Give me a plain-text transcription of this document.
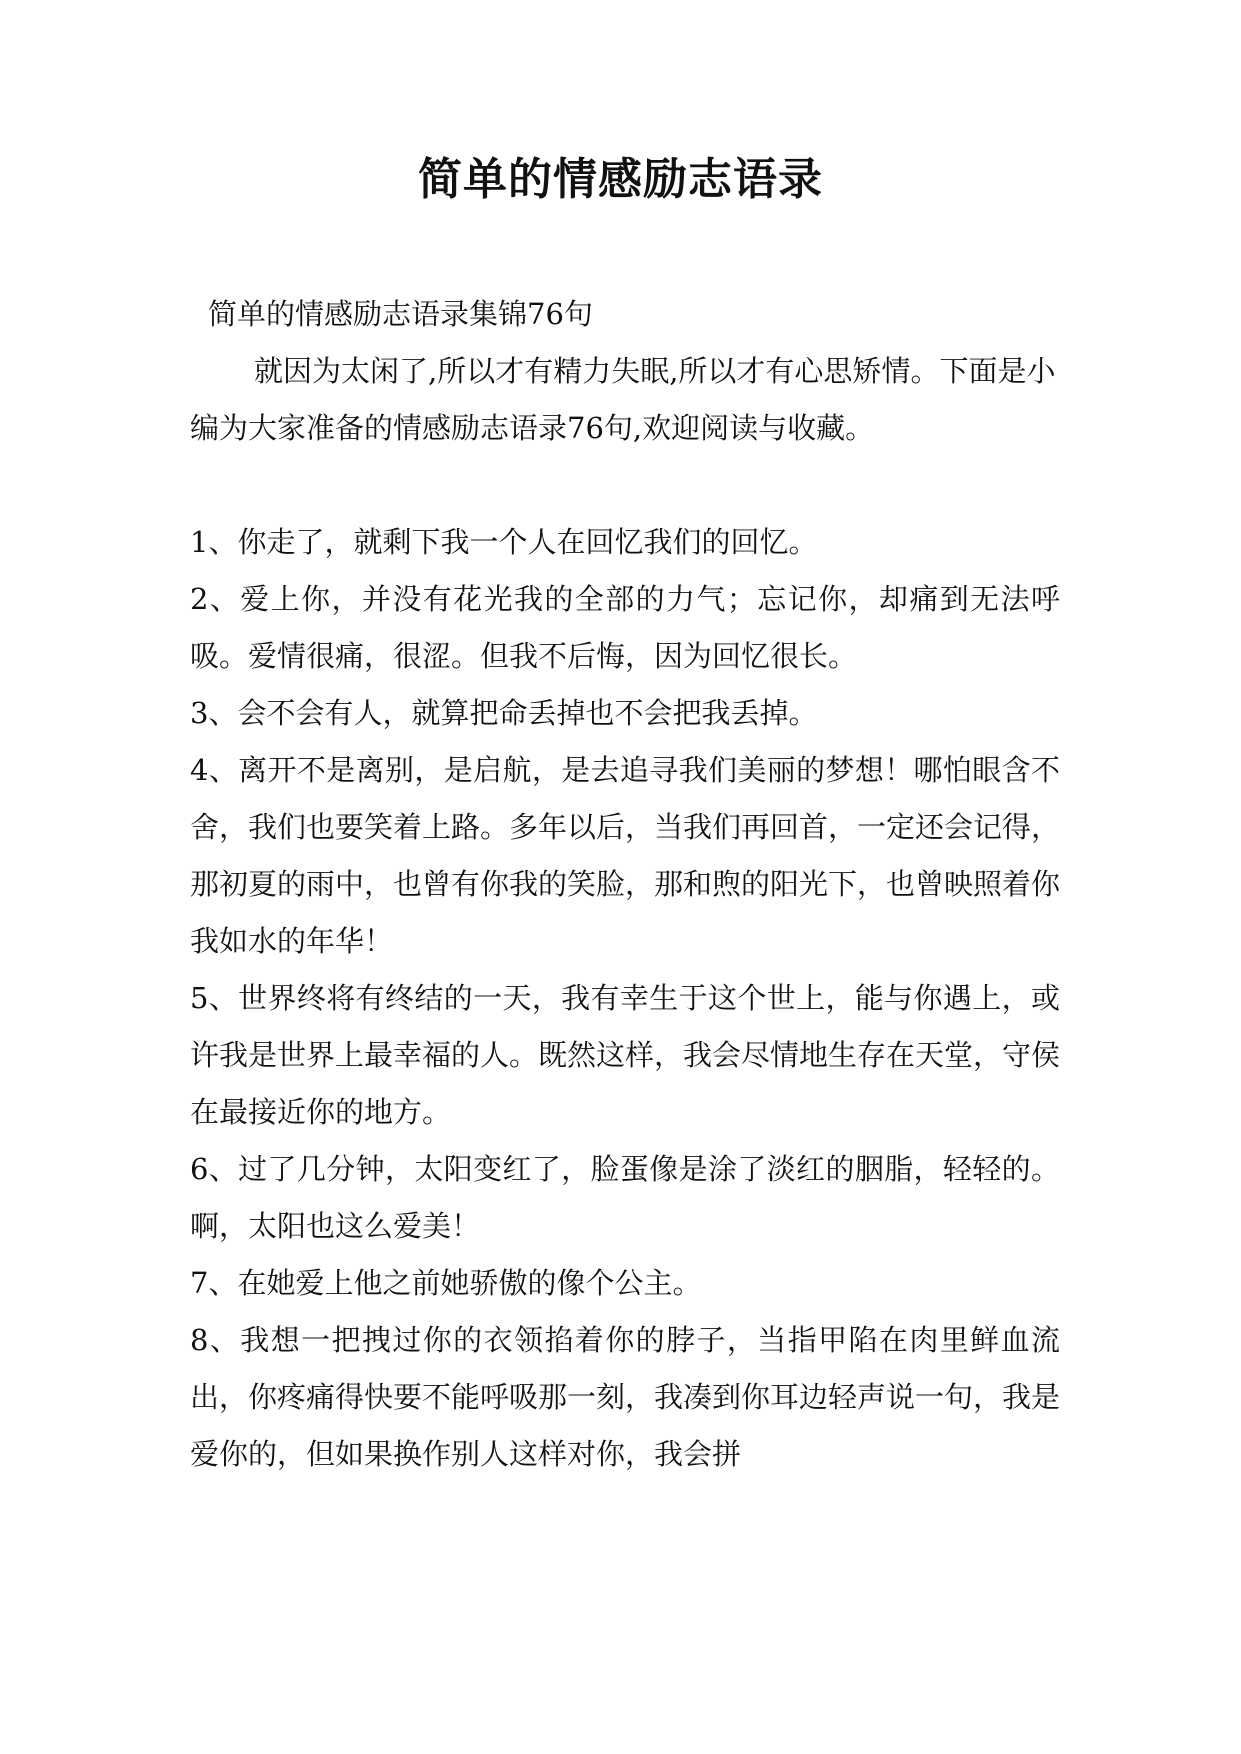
简单的情感励志语录

简单的情感励志语录集锦76句

就因为太闲了,所以才有精力失眠,所以才有心思矫情。下面是小编为大家准备的情感励志语录76句,欢迎阅读与收藏。

1、你走了，就剩下我一个人在回忆我们的回忆。

2、爱上你，并没有花光我的全部的力气；忘记你，却痛到无法呼吸。爱情很痛，很涩。但我不后悔，因为回忆很长。

3、会不会有人，就算把命丢掉也不会把我丢掉。

4、离开不是离别，是启航，是去追寻我们美丽的梦想！哪怕眼含不舍，我们也要笑着上路。多年以后，当我们再回首，一定还会记得，那初夏的雨中，也曾有你我的笑脸，那和煦的阳光下，也曾映照着你我如水的年华！

5、世界终将有终结的一天，我有幸生于这个世上，能与你遇上，或许我是世界上最幸福的人。既然这样，我会尽情地生存在天堂，守侯在最接近你的地方。

6、过了几分钟，太阳变红了，脸蛋像是涂了淡红的胭脂，轻轻的。啊，太阳也这么爱美！

7、在她爱上他之前她骄傲的像个公主。

8、我想一把拽过你的衣领掐着你的脖子，当指甲陷在肉里鲜血流出，你疼痛得快要不能呼吸那一刻，我凑到你耳边轻声说一句，我是爱你的，但如果换作别人这样对你，我会拼
